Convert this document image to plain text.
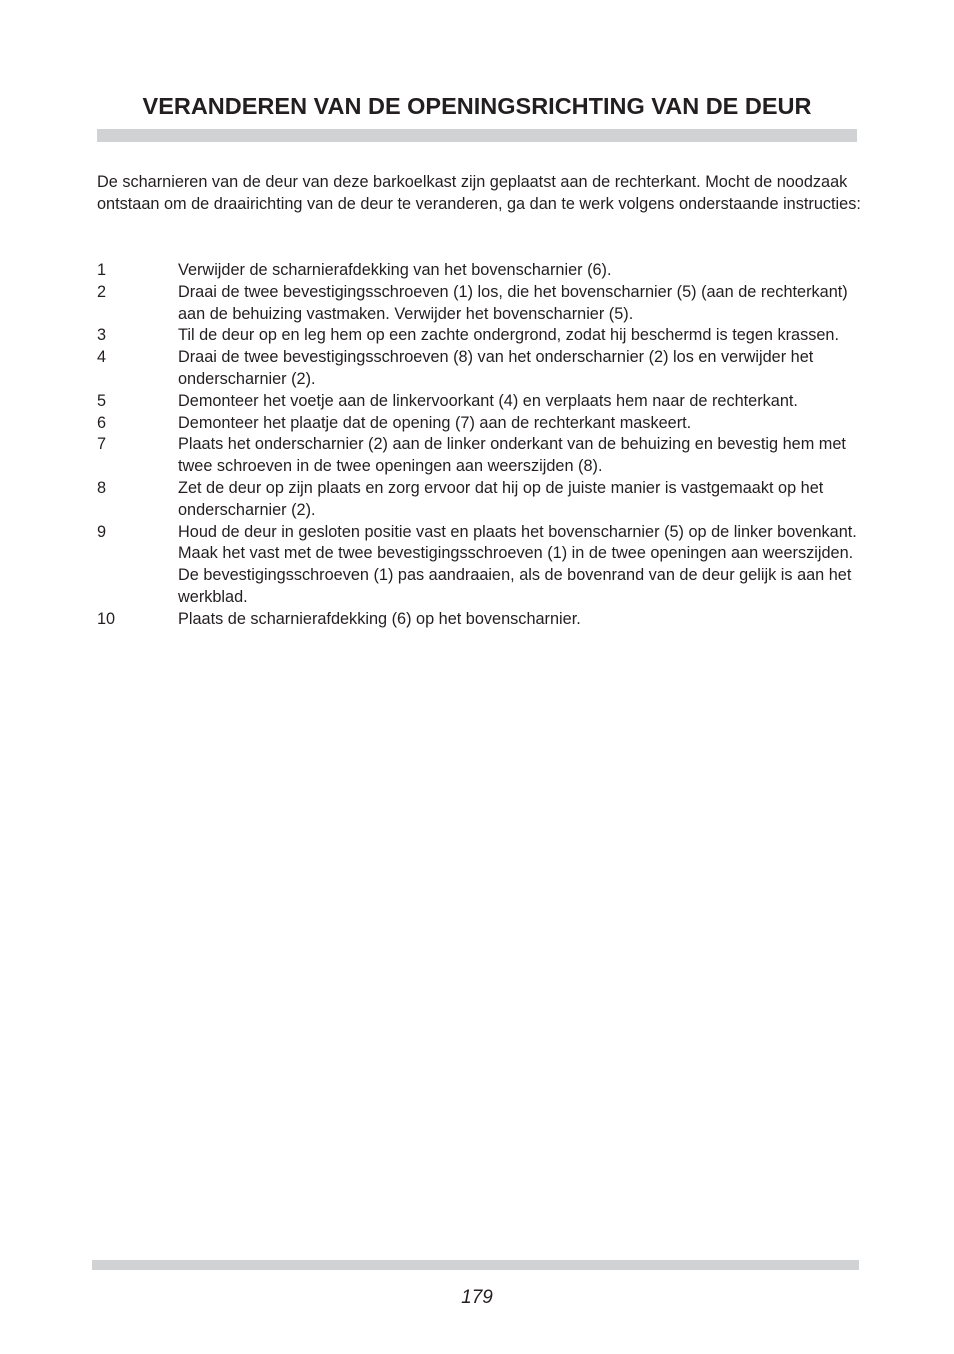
VERANDEREN VAN DE OPENINGSRICHTING VAN DE DEUR

De scharnieren van de deur van deze barkoelkast zijn geplaatst aan de rechterkant. Mocht de noodzaak ontstaan om de draairichting van de deur te veranderen, ga dan te werk volgens onderstaande instructies:

1	Verwijder de scharnierafdekking van het bovenscharnier (6).
2	Draai de twee bevestigingsschroeven (1) los, die het bovenscharnier (5) (aan de rechterkant) aan de behuizing vastmaken. Verwijder het bovenscharnier (5).
3	Til de deur op en leg hem op een zachte ondergrond, zodat hij beschermd is tegen krassen.
4	Draai de twee bevestigingsschroeven (8) van het onderscharnier (2) los en verwijder het onderscharnier (2).
5	Demonteer het voetje aan de linkervoorkant (4) en verplaats hem naar de rechterkant.
6	Demonteer het plaatje dat de opening (7) aan de rechterkant maskeert.
7	Plaats het onderscharnier (2) aan de linker onderkant van de behuizing en bevestig hem met twee schroeven in de twee openingen aan weerszijden (8).
8	Zet de deur op zijn plaats en zorg ervoor dat hij op de juiste manier is vastgemaakt op het onderscharnier (2).
9	Houd de deur in gesloten positie vast en plaats het bovenscharnier (5) op de linker bovenkant. Maak het vast met de twee bevestigingsschroeven (1) in de twee openingen aan weerszijden. De bevestigingsschroeven (1) pas aandraaien, als de bovenrand van de deur gelijk is aan het werkblad.
10	Plaats de scharnierafdekking (6) op het bovenscharnier.
179
